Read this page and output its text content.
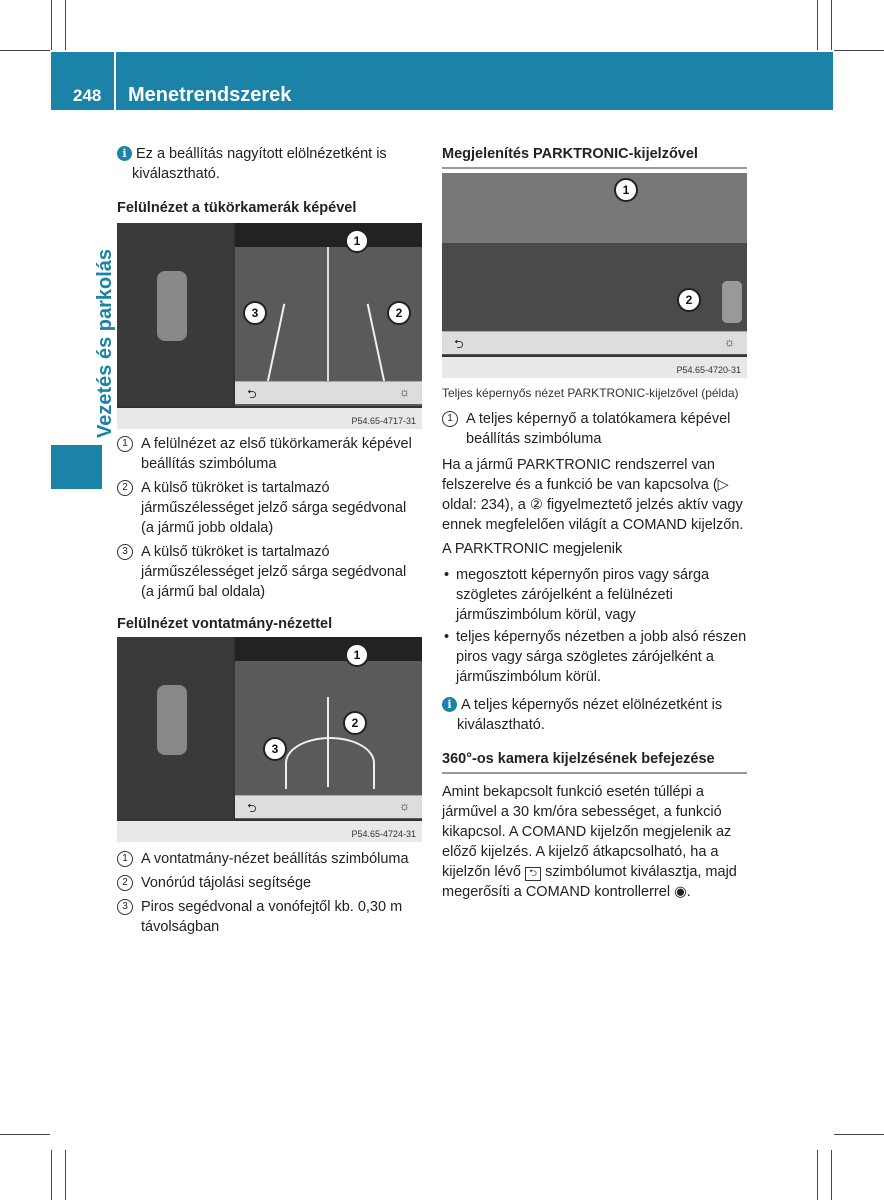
248 Menetrendszerek
Vezetés és parkolás

i Ez a beállítás nagyított elölnézetként is kiválasztható.

Felülnézet a tükörkamerák képével

1
2
3
⮌	☼
P54.65-4717-31
1 A felülnézet az első tükörkamerák képével beállítás szimbóluma
2 A külső tükröket is tartalmazó járműszélességet jelző sárga segédvonal (a jármű jobb oldala)
3 A külső tükröket is tartalmazó járműszélességet jelző sárga segédvonal (a jármű bal oldala)

Felülnézet vontatmány-nézettel

1
2
3
⮌	☼
P54.65-4724-31
1 A vontatmány-nézet beállítás szimbóluma
2 Vonórúd tájolási segítsége
3 Piros segédvonal a vonófejtől kb. 0,30 m távolságban

Megjelenítés PARKTRONIC-kijelzővel

1
2
⮌	☼
P54.65-4720-31

Teljes képernyős nézet PARKTRONIC-kijelzővel (példa)

1 A teljes képernyő a tolatókamera képével beállítás szimbóluma

Ha a jármű PARKTRONIC rendszerrel van felszerelve és a funkció be van kapcsolva (▷ oldal: 234), a ② figyelmeztető jelzés aktív vagy ennek megfelelően világít a COMAND kijelzőn.

A PARKTRONIC megjelenik

• megosztott képernyőn piros vagy sárga szögletes zárójelként a felülnézeti járműszimbólum körül, vagy
• teljes képernyős nézetben a jobb alsó részen piros vagy sárga szögletes zárójelként a járműszimbólum körül.

i A teljes képernyős nézet elölnézetként is kiválasztható.

360°-os kamera kijelzésének befejezése

Amint bekapcsolt funkció esetén túllépi a járművel a 30 km/óra sebességet, a funkció kikapcsol. A COMAND kijelzőn megjelenik az előző kijelzés. A kijelző átkapcsolható, ha a kijelzőn lévő ⮌ szimbólumot kiválasztja, majd megerősíti a COMAND kontrollerrel ◉.
